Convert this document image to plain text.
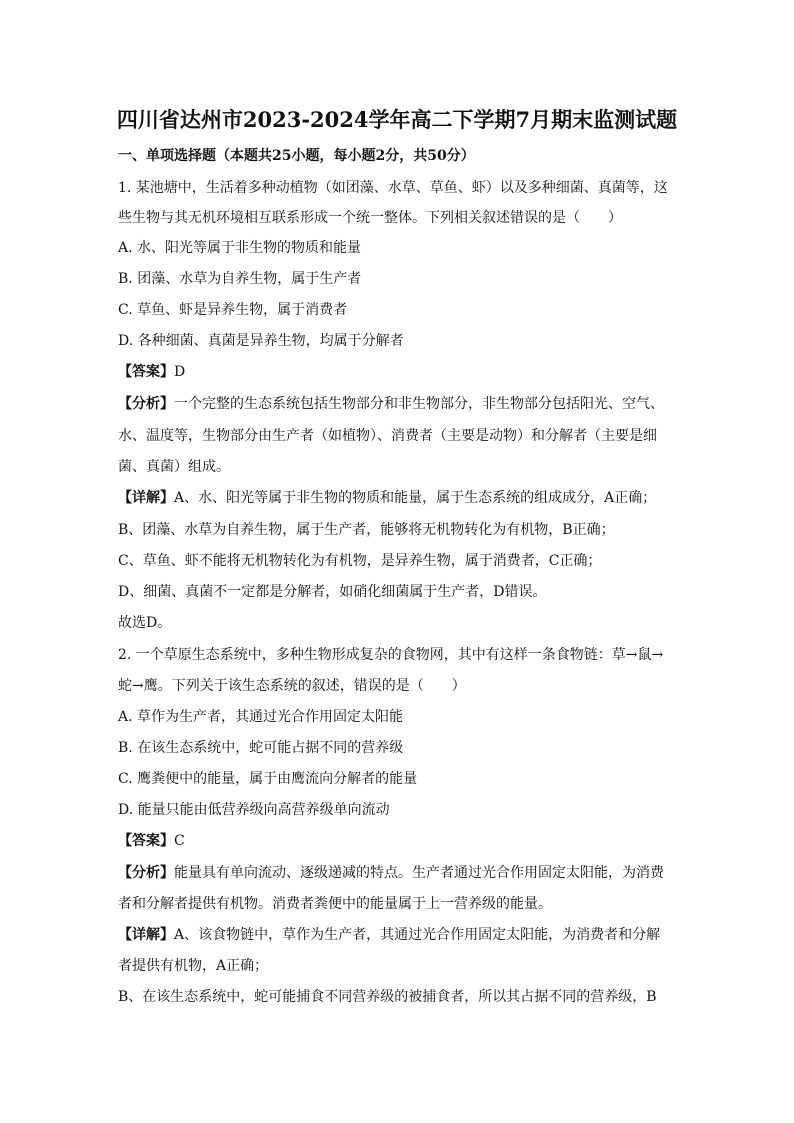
四川省达州市2023-2024学年高二下学期7月期末监测试题
一、单项选择题（本题共25小题，每小题2分，共50分）
1. 某池塘中，生活着多种动植物（如团藻、水草、草鱼、虾）以及多种细菌、真菌等，这
些生物与其无机环境相互联系形成一个统一整体。下列相关叙述错误的是（　　）
A. 水、阳光等属于非生物的物质和能量
B. 团藻、水草为自养生物，属于生产者
C. 草鱼、虾是异养生物，属于消费者
D. 各种细菌、真菌是异养生物，均属于分解者
【答案】D
【分析】一个完整的生态系统包括生物部分和非生物部分，非生物部分包括阳光、空气、
水、温度等，生物部分由生产者（如植物）、消费者（主要是动物）和分解者（主要是细
菌、真菌）组成。
【详解】A、水、阳光等属于非生物的物质和能量，属于生态系统的组成成分，A正确；
B、团藻、水草为自养生物，属于生产者，能够将无机物转化为有机物，B正确；
C、草鱼、虾不能将无机物转化为有机物，是异养生物，属于消费者，C正确；
D、细菌、真菌不一定都是分解者，如硝化细菌属于生产者，D错误。
故选D。
2. 一个草原生态系统中，多种生物形成复杂的食物网，其中有这样一条食物链：草→鼠→
蛇→鹰。下列关于该生态系统的叙述，错误的是（　　）
A. 草作为生产者，其通过光合作用固定太阳能
B. 在该生态系统中，蛇可能占据不同的营养级
C. 鹰粪便中的能量，属于由鹰流向分解者的能量
D. 能量只能由低营养级向高营养级单向流动
【答案】C
【分析】能量具有单向流动、逐级递减的特点。生产者通过光合作用固定太阳能，为消费
者和分解者提供有机物。消费者粪便中的能量属于上一营养级的能量。
【详解】A、该食物链中，草作为生产者，其通过光合作用固定太阳能，为消费者和分解
者提供有机物，A正确；
B、在该生态系统中，蛇可能捕食不同营养级的被捕食者，所以其占据不同的营养级，B
